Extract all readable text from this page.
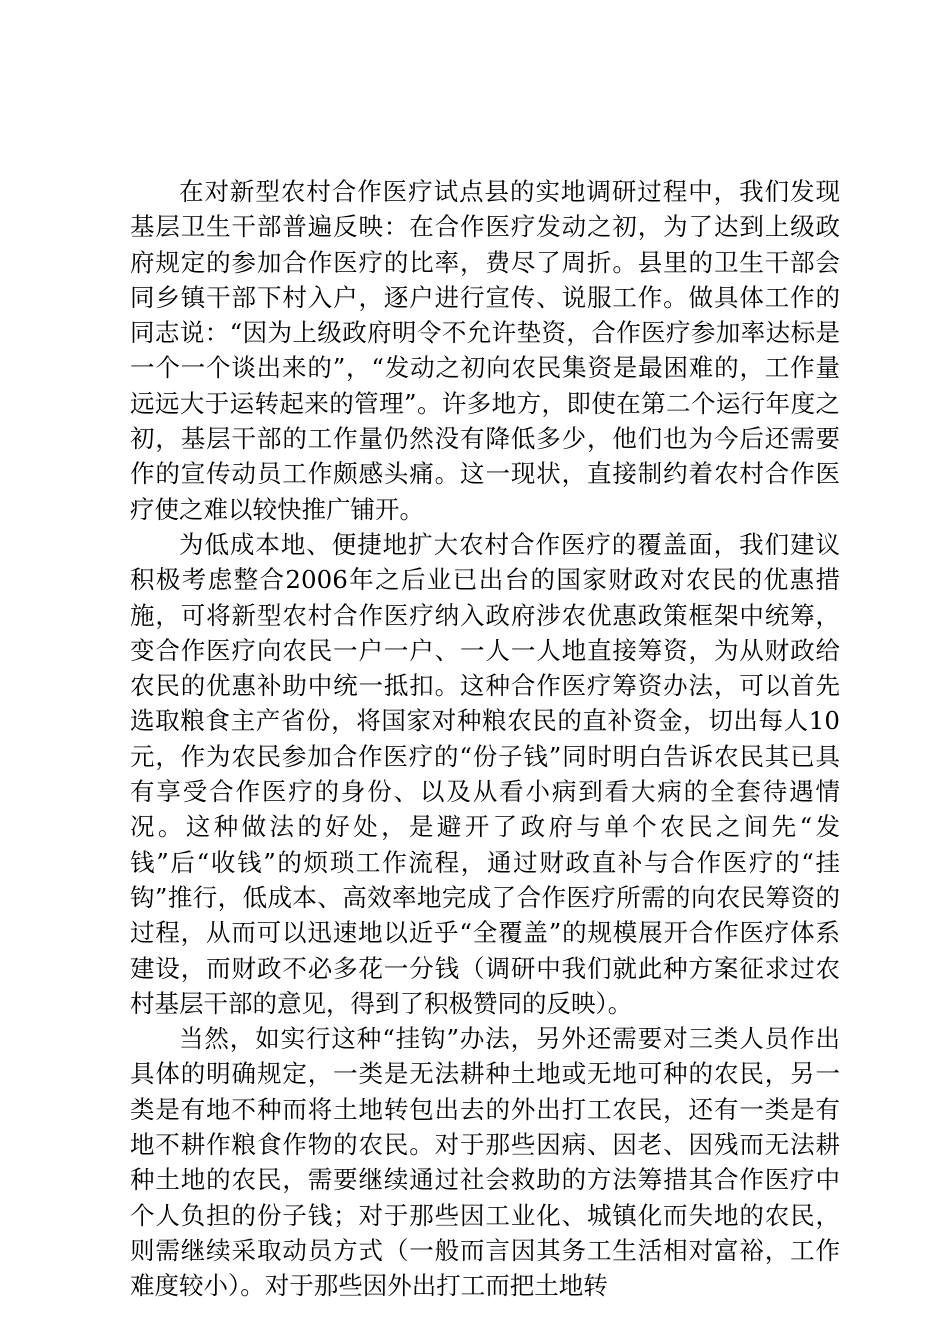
在对新型农村合作医疗试点县的实地调研过程中，我们发现基层卫生干部普遍反映：在合作医疗发动之初，为了达到上级政府规定的参加合作医疗的比率，费尽了周折。县里的卫生干部会同乡镇干部下村入户，逐户进行宣传、说服工作。做具体工作的同志说：“因为上级政府明令不允许垫资，合作医疗参加率达标是一个一个谈出来的”，“发动之初向农民集资是最困难的，工作量远远大于运转起来的管理”。许多地方，即使在第二个运行年度之初，基层干部的工作量仍然没有降低多少，他们也为今后还需要作的宣传动员工作颇感头痛。这一现状，直接制约着农村合作医疗使之难以较快推广铺开。

为低成本地、便捷地扩大农村合作医疗的覆盖面，我们建议积极考虑整合2006年之后业已出台的国家财政对农民的优惠措施，可将新型农村合作医疗纳入政府涉农优惠政策框架中统筹，变合作医疗向农民一户一户、一人一人地直接筹资，为从财政给农民的优惠补助中统一抵扣。这种合作医疗筹资办法，可以首先选取粮食主产省份，将国家对种粮农民的直补资金，切出每人10元，作为农民参加合作医疗的“份子钱”同时明白告诉农民其已具有享受合作医疗的身份、以及从看小病到看大病的全套待遇情况。这种做法的好处，是避开了政府与单个农民之间先“发钱”后“收钱”的烦琐工作流程，通过财政直补与合作医疗的“挂钩”推行，低成本、高效率地完成了合作医疗所需的向农民筹资的过程，从而可以迅速地以近乎“全覆盖”的规模展开合作医疗体系建设，而财政不必多花一分钱（调研中我们就此种方案征求过农村基层干部的意见，得到了积极赞同的反映）。

当然，如实行这种“挂钩”办法，另外还需要对三类人员作出具体的明确规定，一类是无法耕种土地或无地可种的农民，另一类是有地不种而将土地转包出去的外出打工农民，还有一类是有地不耕作粮食作物的农民。对于那些因病、因老、因残而无法耕种土地的农民，需要继续通过社会救助的方法筹措其合作医疗中个人负担的份子钱；对于那些因工业化、城镇化而失地的农民，则需继续采取动员方式（一般而言因其务工生活相对富裕，工作难度较小）。对于那些因外出打工而把土地转
